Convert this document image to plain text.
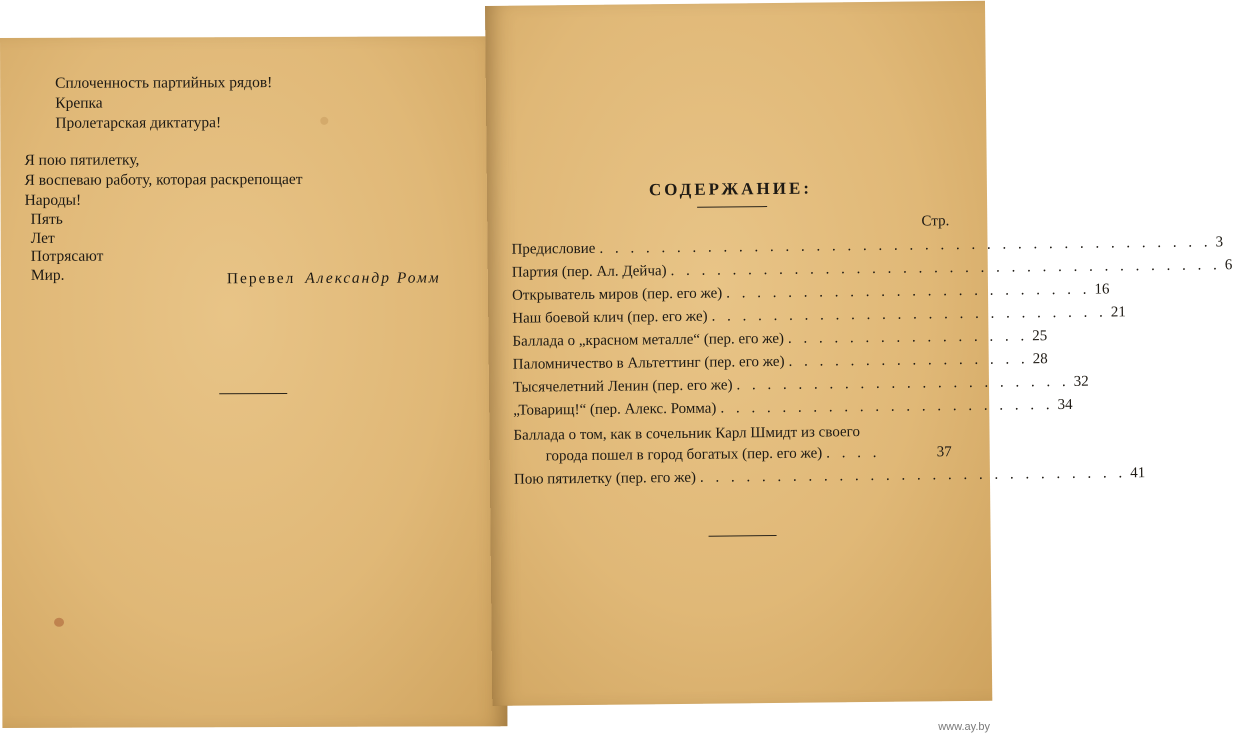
Сплоченность партийных рядов!
Крепка
Пролетарская диктатура!
Я пою пятилетку,
Я воспеваю работу, которая раскрепощает
Народы!
Пять
Лет
Потрясают
Мир.	Перевел Александр Ромм
СОДЕРЖАНИЕ:
Стр.
Предисловие . . . . . . . . . . . . . . . . . . . . . . . . . . . . . . . . . . . . . . . . 3
Партия (пер. Ал. Дейча) . . . . . . . . . . . . . . . . . . . . . . . . . . . . . . . . . . . . 6
Открыватель миров (пер. его же) . . . . . . . . . . . . . . . . . . . . . . . . 16
Наш боевой клич (пер. его же) . . . . . . . . . . . . . . . . . . . . . . . . . . 21
Баллада о „красном металле“ (пер. его же) . . . . . . . . . . . . . . . . 25
Паломничество в Альтеттинг (пер. его же) . . . . . . . . . . . . . . . . 28
Тысячелетний Ленин (пер. его же) . . . . . . . . . . . . . . . . . . . . . . 32
„Товарищ!“ (пер. Алекс. Ромма) . . . . . . . . . . . . . . . . . . . . . . 34
Баллада о том, как в сочельник Карл Шмидт из своего
города пошел в город богатых (пер. его же) . . . .	37
Пою пятилетку (пер. его же) . . . . . . . . . . . . . . . . . . . . . . . . . . . . 41
www.ay.by
